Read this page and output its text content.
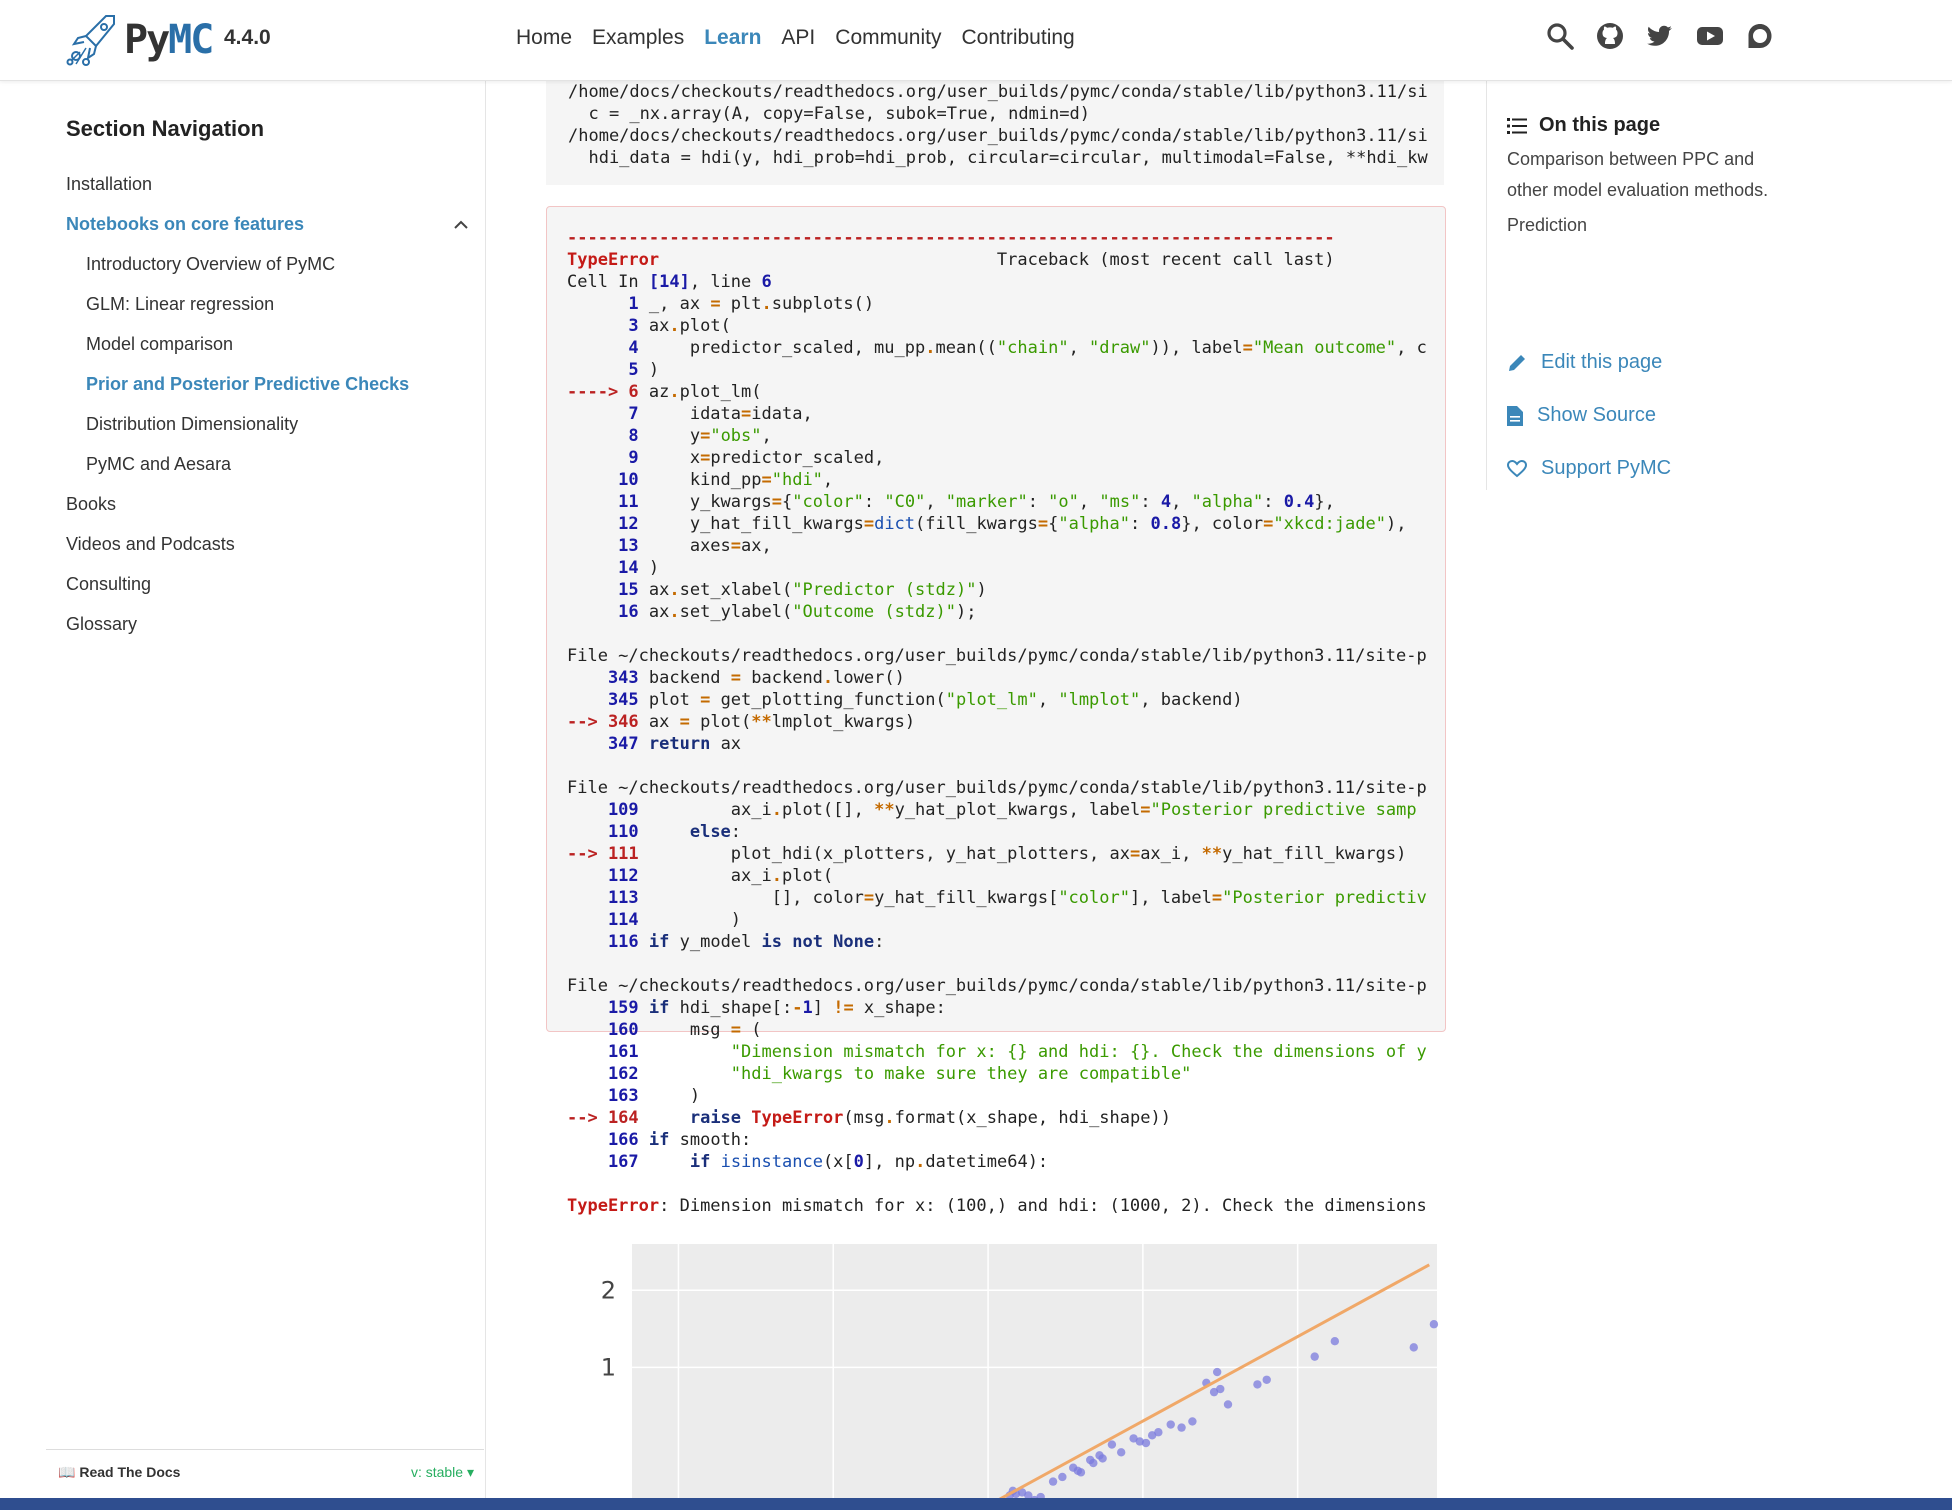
PyMC 4.4.0	Home Examples Learn API Community Contributing
Section Navigation
Installation
Notebooks on core features
Introductory Overview of PyMC
GLM: Linear regression
Model comparison
Prior and Posterior Predictive Checks
Distribution Dimensionality
PyMC and Aesara
Books
Videos and Podcasts
Consulting
Glossary
📖 Read The Docs	v: stable ▾
/home/docs/checkouts/readthedocs.org/user_builds/pymc/conda/stable/lib/python3.11/si
c = _nx.array(A, copy=False, subok=True, ndmin=d)
/home/docs/checkouts/readthedocs.org/user_builds/pymc/conda/stable/lib/python3.11/si
hdi_data = hdi(y, hdi_prob=hdi_prob, circular=circular, multimodal=False, **hdi_kw
---------------------------------------------------------------------------
TypeError	Traceback (most recent call last)
Cell In [14], line 6
1 _, ax = plt.subplots()
3 ax.plot(
4     predictor_scaled, mu_pp.mean(("chain", "draw")), label="Mean outcome", c
5 )
----> 6 az.plot_lm(
7     idata=idata,
8     y="obs",
9     x=predictor_scaled,
10     kind_pp="hdi",
11     y_kwargs={"color": "C0", "marker": "o", "ms": 4, "alpha": 0.4},
12     y_hat_fill_kwargs=dict(fill_kwargs={"alpha": 0.8}, color="xkcd:jade"),
13     axes=ax,
14 )
15 ax.set_xlabel("Predictor (stdz)")
16 ax.set_ylabel("Outcome (stdz)");

File ~/checkouts/readthedocs.org/user_builds/pymc/conda/stable/lib/python3.11/site-p
343 backend = backend.lower()
345 plot = get_plotting_function("plot_lm", "lmplot", backend)
--> 346 ax = plot(**lmplot_kwargs)
347 return ax

File ~/checkouts/readthedocs.org/user_builds/pymc/conda/stable/lib/python3.11/site-p
109         ax_i.plot([], **y_hat_plot_kwargs, label="Posterior predictive samp
110	else:
--> 111         plot_hdi(x_plotters, y_hat_plotters, ax=ax_i, **y_hat_fill_kwargs)
112         ax_i.plot(
113             [], color=y_hat_fill_kwargs["color"], label="Posterior predictiv
114	)
116 if y_model is not None:

File ~/checkouts/readthedocs.org/user_builds/pymc/conda/stable/lib/python3.11/site-p
159 if hdi_shape[:-1] != x_shape:
160     msg = (
161	"Dimension mismatch for x: {} and hdi: {}. Check the dimensions of y
162	"hdi_kwargs to make sure they are compatible"
163	)
--> 164	raise TypeError(msg.format(x_shape, hdi_shape))
166 if smooth:
167	if isinstance(x[0], np.datetime64):

TypeError: Dimension mismatch for x: (100,) and hdi: (1000, 2). Check the dimensions
2
1
On this page
Comparison between PPC and other model evaluation methods.
Prediction
Edit this page
Show Source
Support PyMC
